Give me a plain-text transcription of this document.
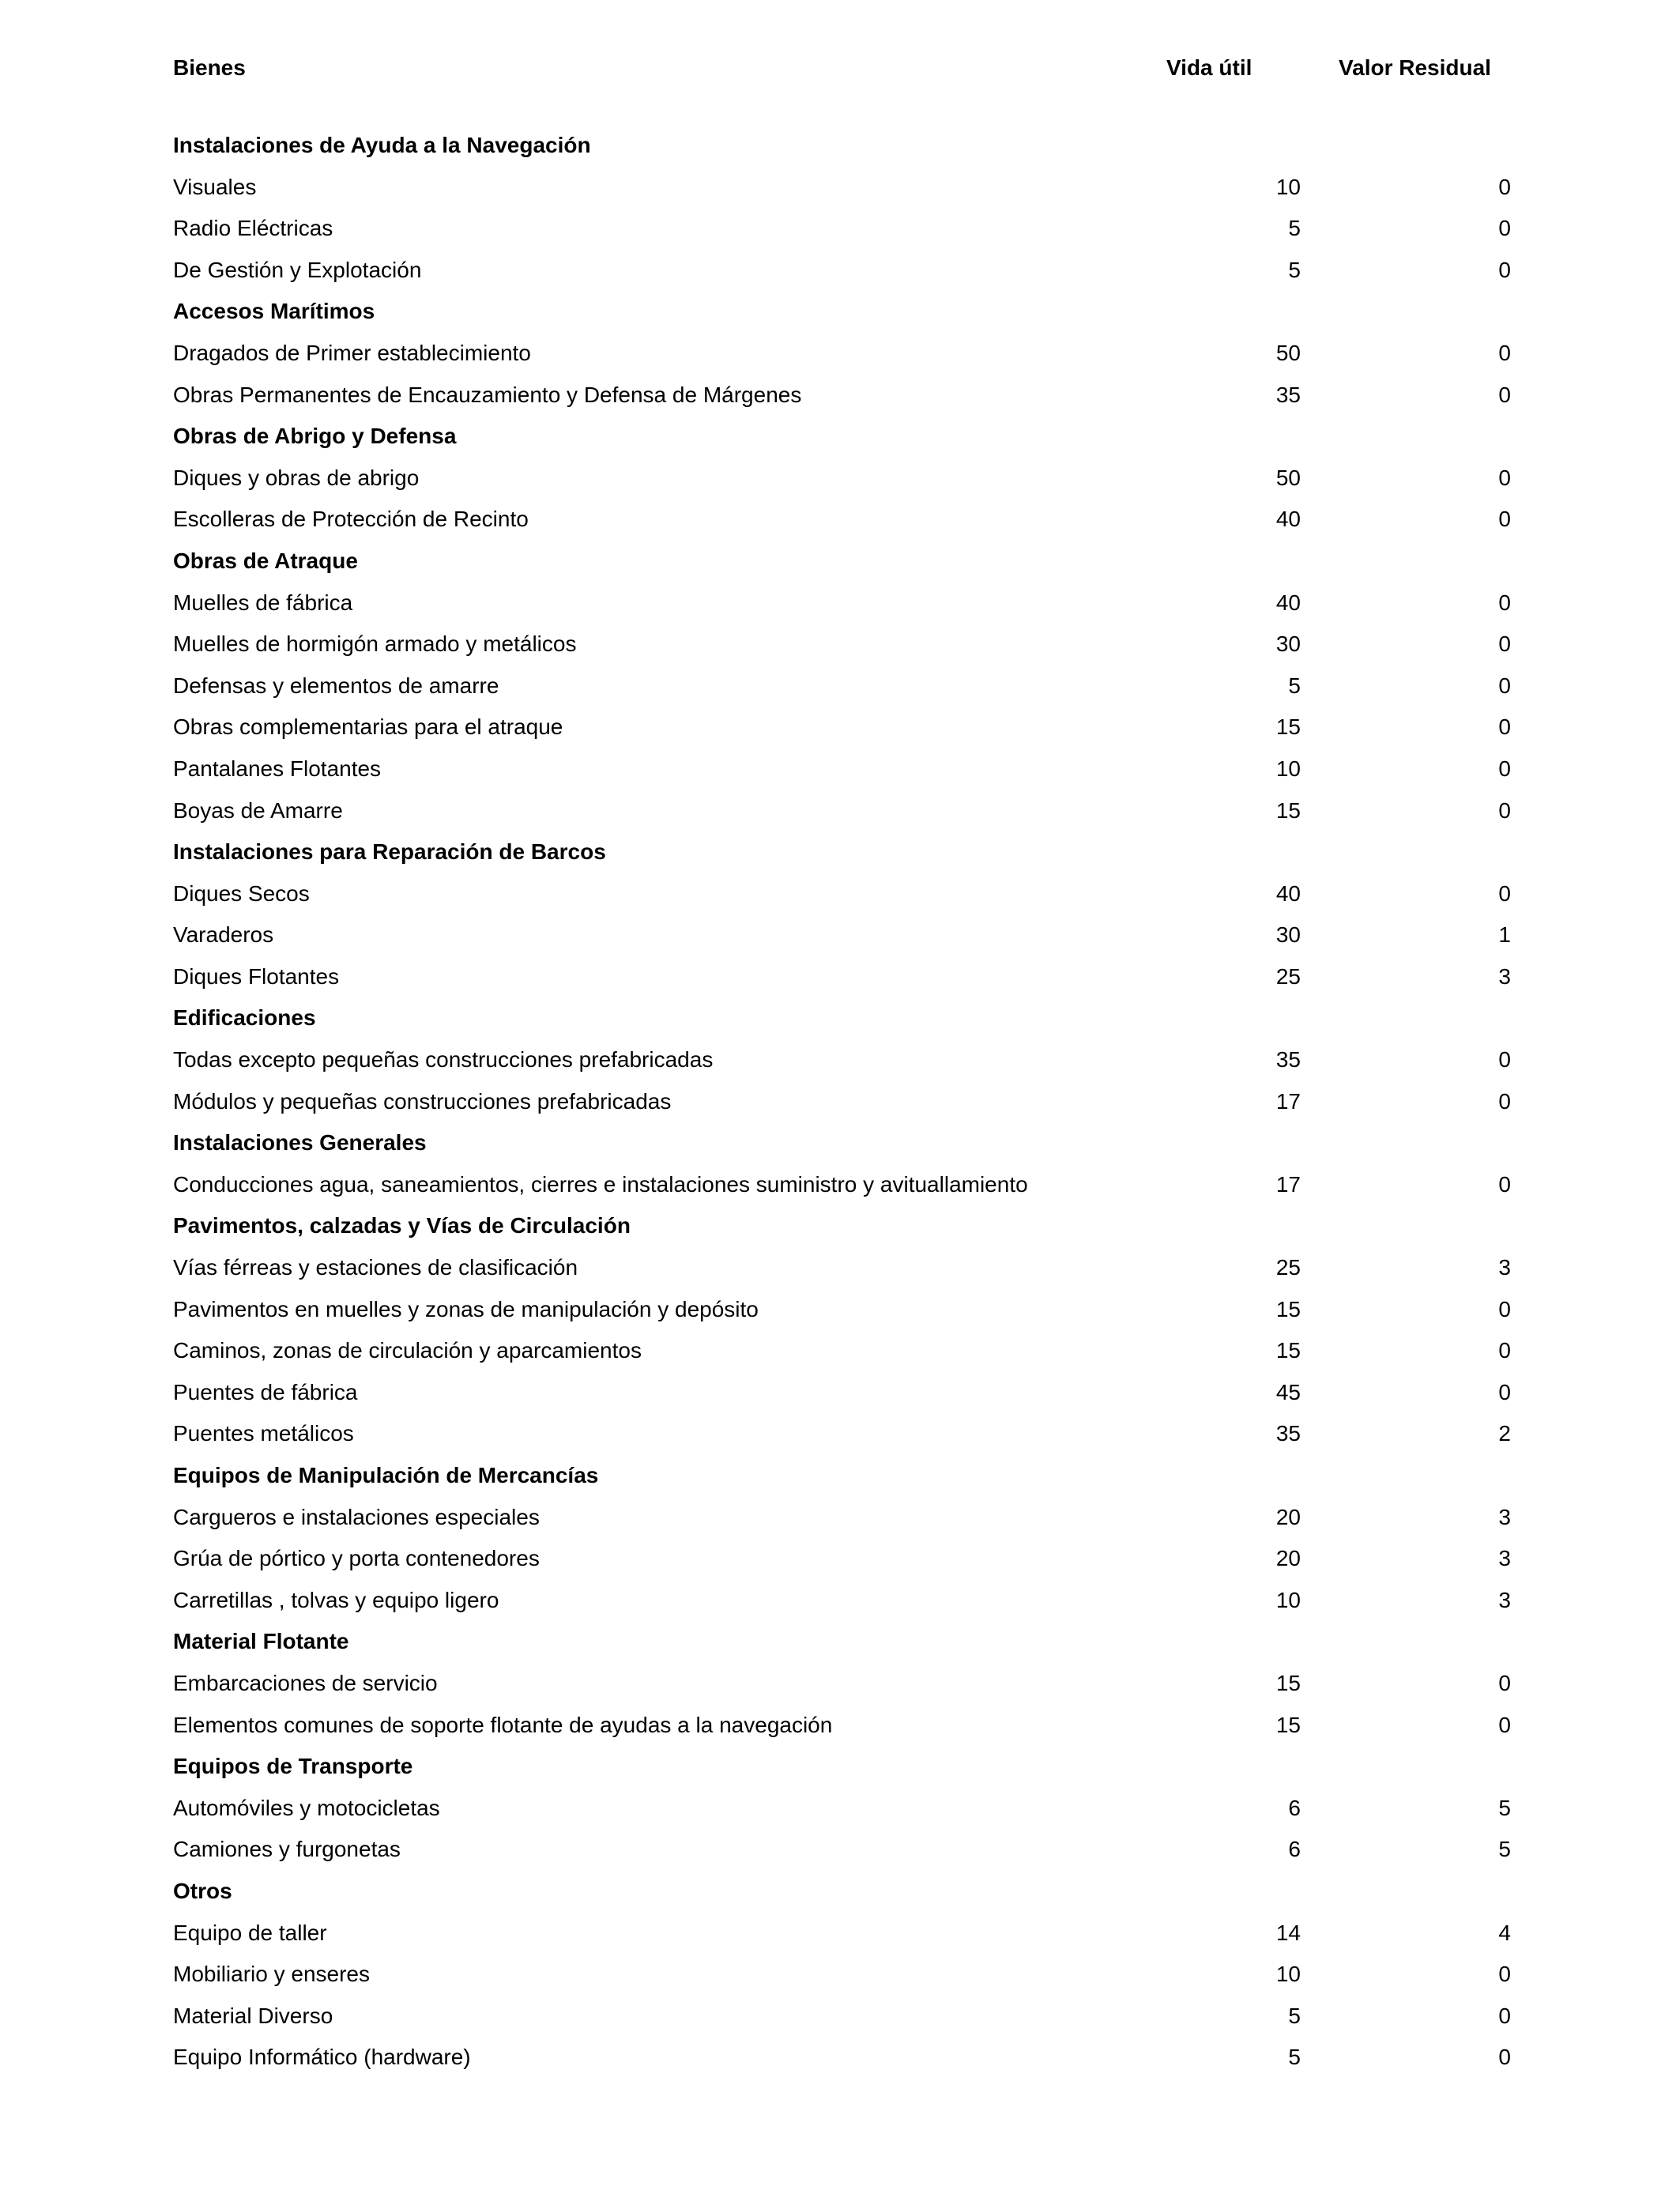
Bienes	Vida útil	Valor Residual
Instalaciones de Ayuda a la Navegación
Visuales	10	0
Radio Eléctricas	5	0
De Gestión y Explotación	5	0
Accesos Marítimos
Dragados de Primer establecimiento	50	0
Obras Permanentes de Encauzamiento y Defensa de Márgenes	35	0
Obras de Abrigo y Defensa
Diques y obras de abrigo	50	0
Escolleras de Protección de Recinto	40	0
Obras de Atraque
Muelles de fábrica	40	0
Muelles de hormigón armado y metálicos	30	0
Defensas y elementos de amarre	5	0
Obras complementarias para el atraque	15	0
Pantalanes Flotantes	10	0
Boyas de Amarre	15	0
Instalaciones para Reparación de Barcos
Diques Secos	40	0
Varaderos	30	1
Diques Flotantes	25	3
Edificaciones
Todas excepto pequeñas construcciones prefabricadas	35	0
Módulos y pequeñas construcciones prefabricadas	17	0
Instalaciones Generales
Conducciones agua, saneamientos, cierres e instalaciones suministro y avituallamiento	17	0
Pavimentos, calzadas y Vías de Circulación
Vías férreas y estaciones de clasificación	25	3
Pavimentos en muelles y zonas de manipulación y depósito	15	0
Caminos, zonas de circulación y aparcamientos	15	0
Puentes de fábrica	45	0
Puentes metálicos	35	2
Equipos de Manipulación de Mercancías
Cargueros e instalaciones especiales	20	3
Grúa de pórtico y porta contenedores	20	3
Carretillas , tolvas y equipo ligero	10	3
Material Flotante
Embarcaciones de servicio	15	0
Elementos comunes de soporte flotante de ayudas a la navegación	15	0
Equipos de Transporte
Automóviles y motocicletas	6	5
Camiones y furgonetas	6	5
Otros
Equipo de taller	14	4
Mobiliario y enseres	10	0
Material Diverso	5	0
Equipo Informático (hardware)	5	0
